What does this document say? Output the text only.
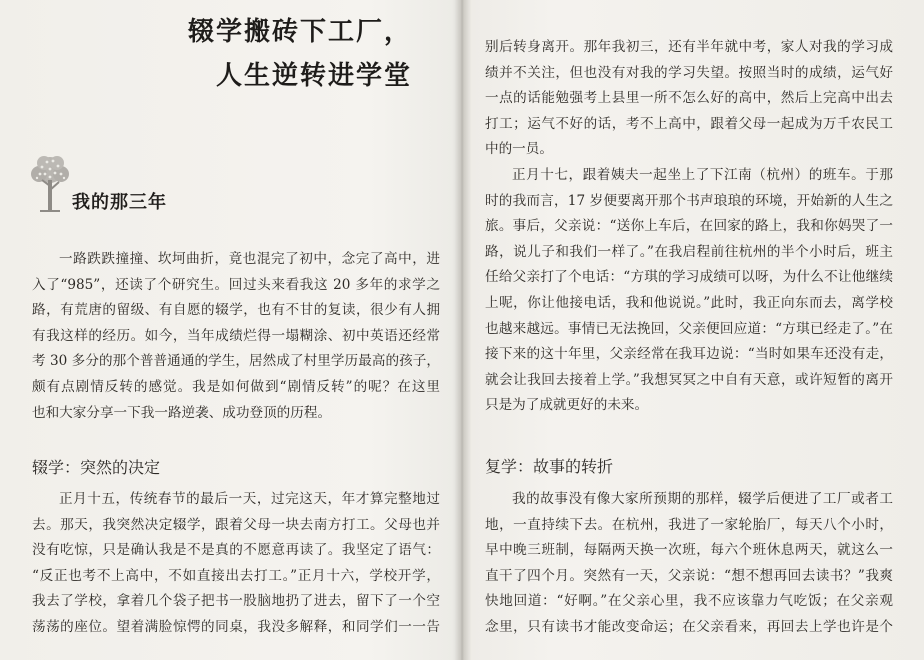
辍学搬砖下工厂，
人生逆转进学堂
我的那三年
一路跌跌撞撞、坎坷曲折，竟也混完了初中，念完了高中，进
入了“985”，还读了个研究生。回过头来看我这 20 多年的求学之
路，有荒唐的留级、有自愿的辍学，也有不甘的复读，很少有人拥
有我这样的经历。如今，当年成绩烂得一塌糊涂、初中英语还经常
考 30 多分的那个普普通通的学生，居然成了村里学历最高的孩子，
颇有点剧情反转的感觉。我是如何做到“剧情反转”的呢？在这里
也和大家分享一下我一路逆袭、成功登顶的历程。
辍学：突然的决定
正月十五，传统春节的最后一天，过完这天，年才算完整地过
去。那天，我突然决定辍学，跟着父母一块去南方打工。父母也并
没有吃惊，只是确认我是不是真的不愿意再读了。我坚定了语气：
“反正也考不上高中，不如直接出去打工。”正月十六，学校开学，
我去了学校，拿着几个袋子把书一股脑地扔了进去，留下了一个空
荡荡的座位。望着满脸惊愕的同桌，我没多解释，和同学们一一告
别后转身离开。那年我初三，还有半年就中考，家人对我的学习成
绩并不关注，但也没有对我的学习失望。按照当时的成绩，运气好
一点的话能勉强考上县里一所不怎么好的高中，然后上完高中出去
打工；运气不好的话，考不上高中，跟着父母一起成为万千农民工
中的一员。
正月十七，跟着姨夫一起坐上了下江南（杭州）的班车。于那
时的我而言，17 岁便要离开那个书声琅琅的环境，开始新的人生之
旅。事后，父亲说：“送你上车后，在回家的路上，我和你妈哭了一
路，说儿子和我们一样了。”在我启程前往杭州的半个小时后，班主
任给父亲打了个电话：“方琪的学习成绩可以呀，为什么不让他继续
上呢，你让他接电话，我和他说说。”此时，我正向东而去，离学校
也越来越远。事情已无法挽回，父亲便回应道：“方琪已经走了。”在
接下来的这十年里，父亲经常在我耳边说：“当时如果车还没有走，
就会让我回去接着上学。”我想冥冥之中自有天意，或许短暂的离开
只是为了成就更好的未来。
复学：故事的转折
我的故事没有像大家所预期的那样，辍学后便进了工厂或者工
地，一直持续下去。在杭州，我进了一家轮胎厂，每天八个小时，
早中晚三班制，每隔两天换一次班，每六个班休息两天，就这么一
直干了四个月。突然有一天，父亲说：“想不想再回去读书？”我爽
快地回道：“好啊。”在父亲心里，我不应该靠力气吃饭；在父亲观
念里，只有读书才能改变命运；在父亲看来，再回去上学也许是个
